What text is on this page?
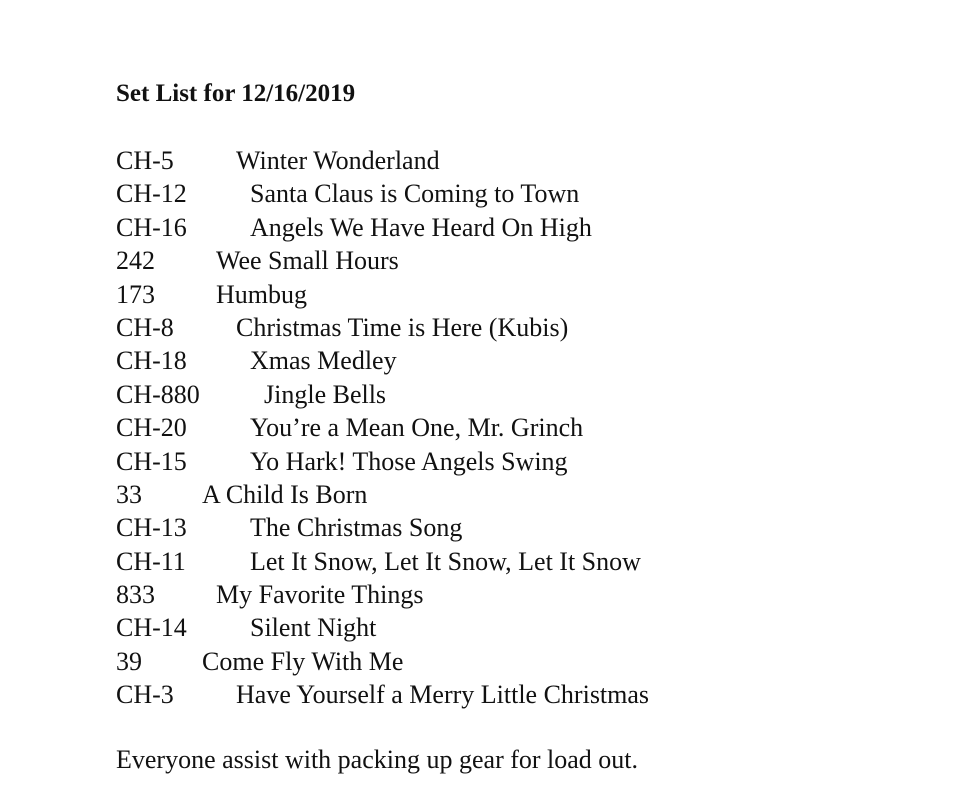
Set List for 12/16/2019
CH-5 Winter Wonderland
CH-12 Santa Claus is Coming to Town
CH-16 Angels We Have Heard On High
242 Wee Small Hours
173 Humbug
CH-8 Christmas Time is Here (Kubis)
CH-18 Xmas Medley
CH-880 Jingle Bells
CH-20 You’re a Mean One, Mr. Grinch
CH-15 Yo Hark! Those Angels Swing
33 A Child Is Born
CH-13 The Christmas Song
CH-11 Let It Snow, Let It Snow, Let It Snow
833 My Favorite Things
CH-14 Silent Night
39 Come Fly With Me
CH-3 Have Yourself a Merry Little Christmas
Everyone assist with packing up gear for load out.
